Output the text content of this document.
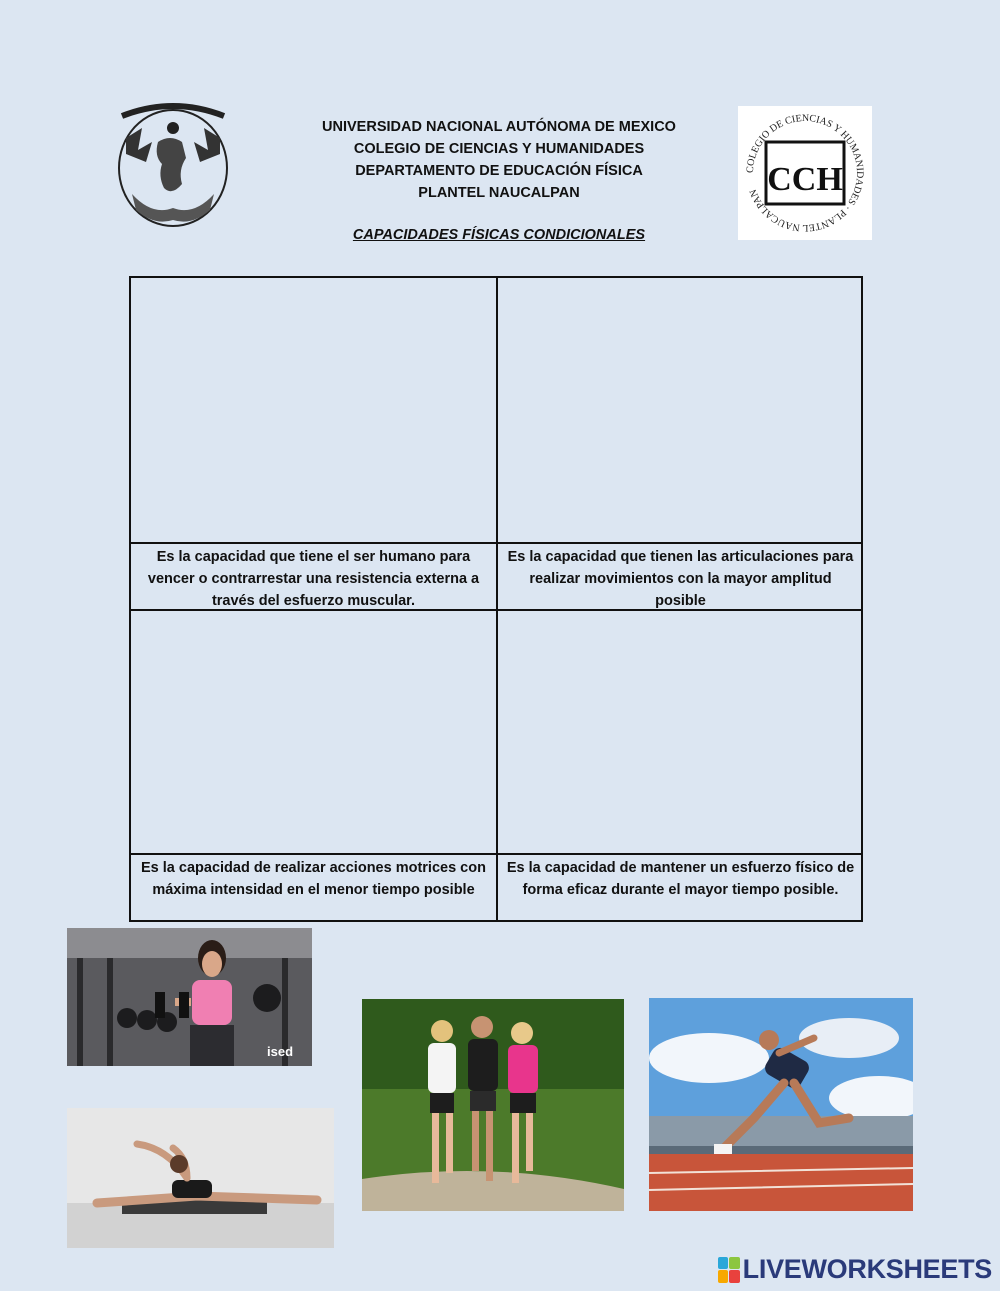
COLEGIO DE CIENCIAS Y HUMANIDADES · PLANTEL NAUCALPAN CCH
UNIVERSIDAD NACIONAL AUTÓNOMA DE MEXICO
COLEGIO DE CIENCIAS Y HUMANIDADES
DEPARTAMENTO DE EDUCACIÓN FÍSICA
PLANTEL NAUCALPAN
CAPACIDADES FÍSICAS CONDICIONALES
Es la capacidad que tiene el ser humano para vencer o contrarrestar una resistencia externa a través del esfuerzo muscular.
Es la capacidad que tienen las articulaciones para realizar movimientos con la mayor amplitud posible
Es la capacidad de realizar acciones motrices con máxima intensidad en el menor tiempo posible
Es la capacidad de mantener un esfuerzo físico de forma eficaz durante el mayor tiempo posible.
ised
LIVEWORKSHEETS
